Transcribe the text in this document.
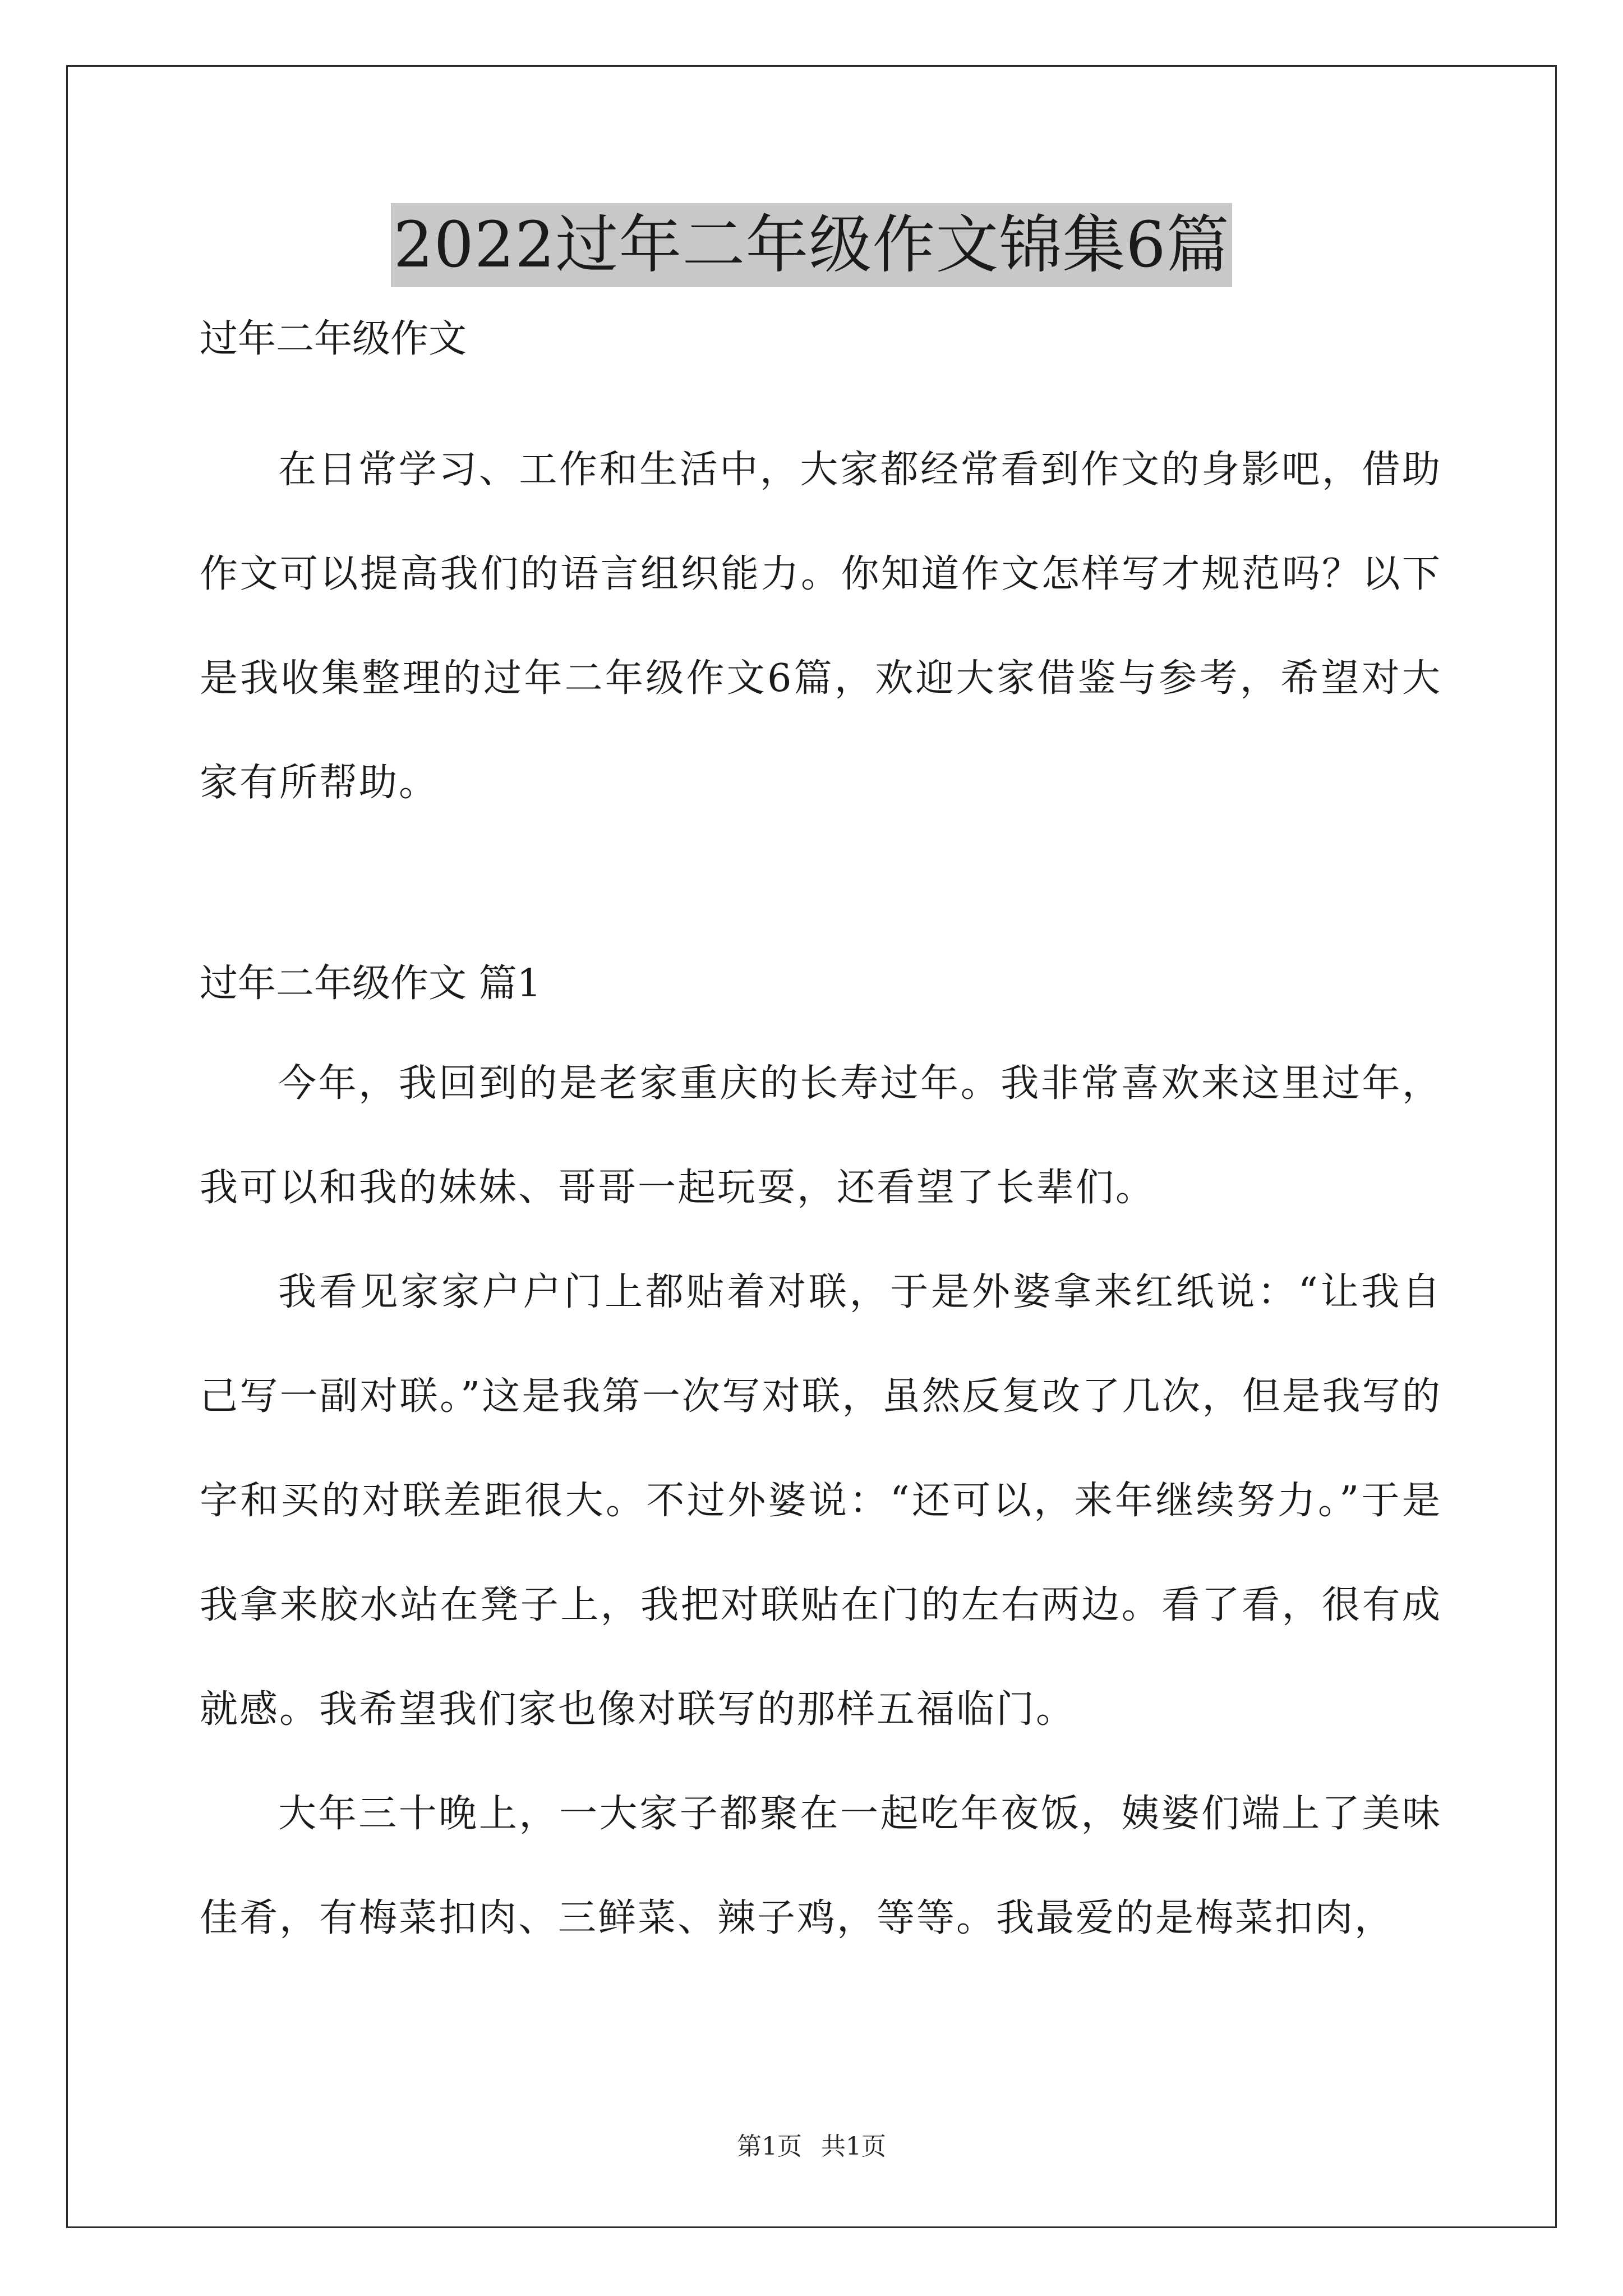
2022过年二年级作文锦集6篇

过年二年级作文

在日常学习、工作和生活中，大家都经常看到作文的身影吧，借助作文可以提高我们的语言组织能力。你知道作文怎样写才规范吗？以下是我收集整理的过年二年级作文6篇，欢迎大家借鉴与参考，希望对大家有所帮助。

过年二年级作文 篇1

今年，我回到的是老家重庆的长寿过年。我非常喜欢来这里过年，我可以和我的妹妹、哥哥一起玩耍，还看望了长辈们。

我看见家家户户门上都贴着对联，于是外婆拿来红纸说：“让我自己写一副对联。”这是我第一次写对联，虽然反复改了几次，但是我写的字和买的对联差距很大。不过外婆说：“还可以，来年继续努力。”于是我拿来胶水站在凳子上，我把对联贴在门的左右两边。看了看，很有成就感。我希望我们家也像对联写的那样五福临门。

大年三十晚上，一大家子都聚在一起吃年夜饭，姨婆们端上了美味佳肴，有梅菜扣肉、三鲜菜、辣子鸡，等等。我最爱的是梅菜扣肉，

第1页 共1页
